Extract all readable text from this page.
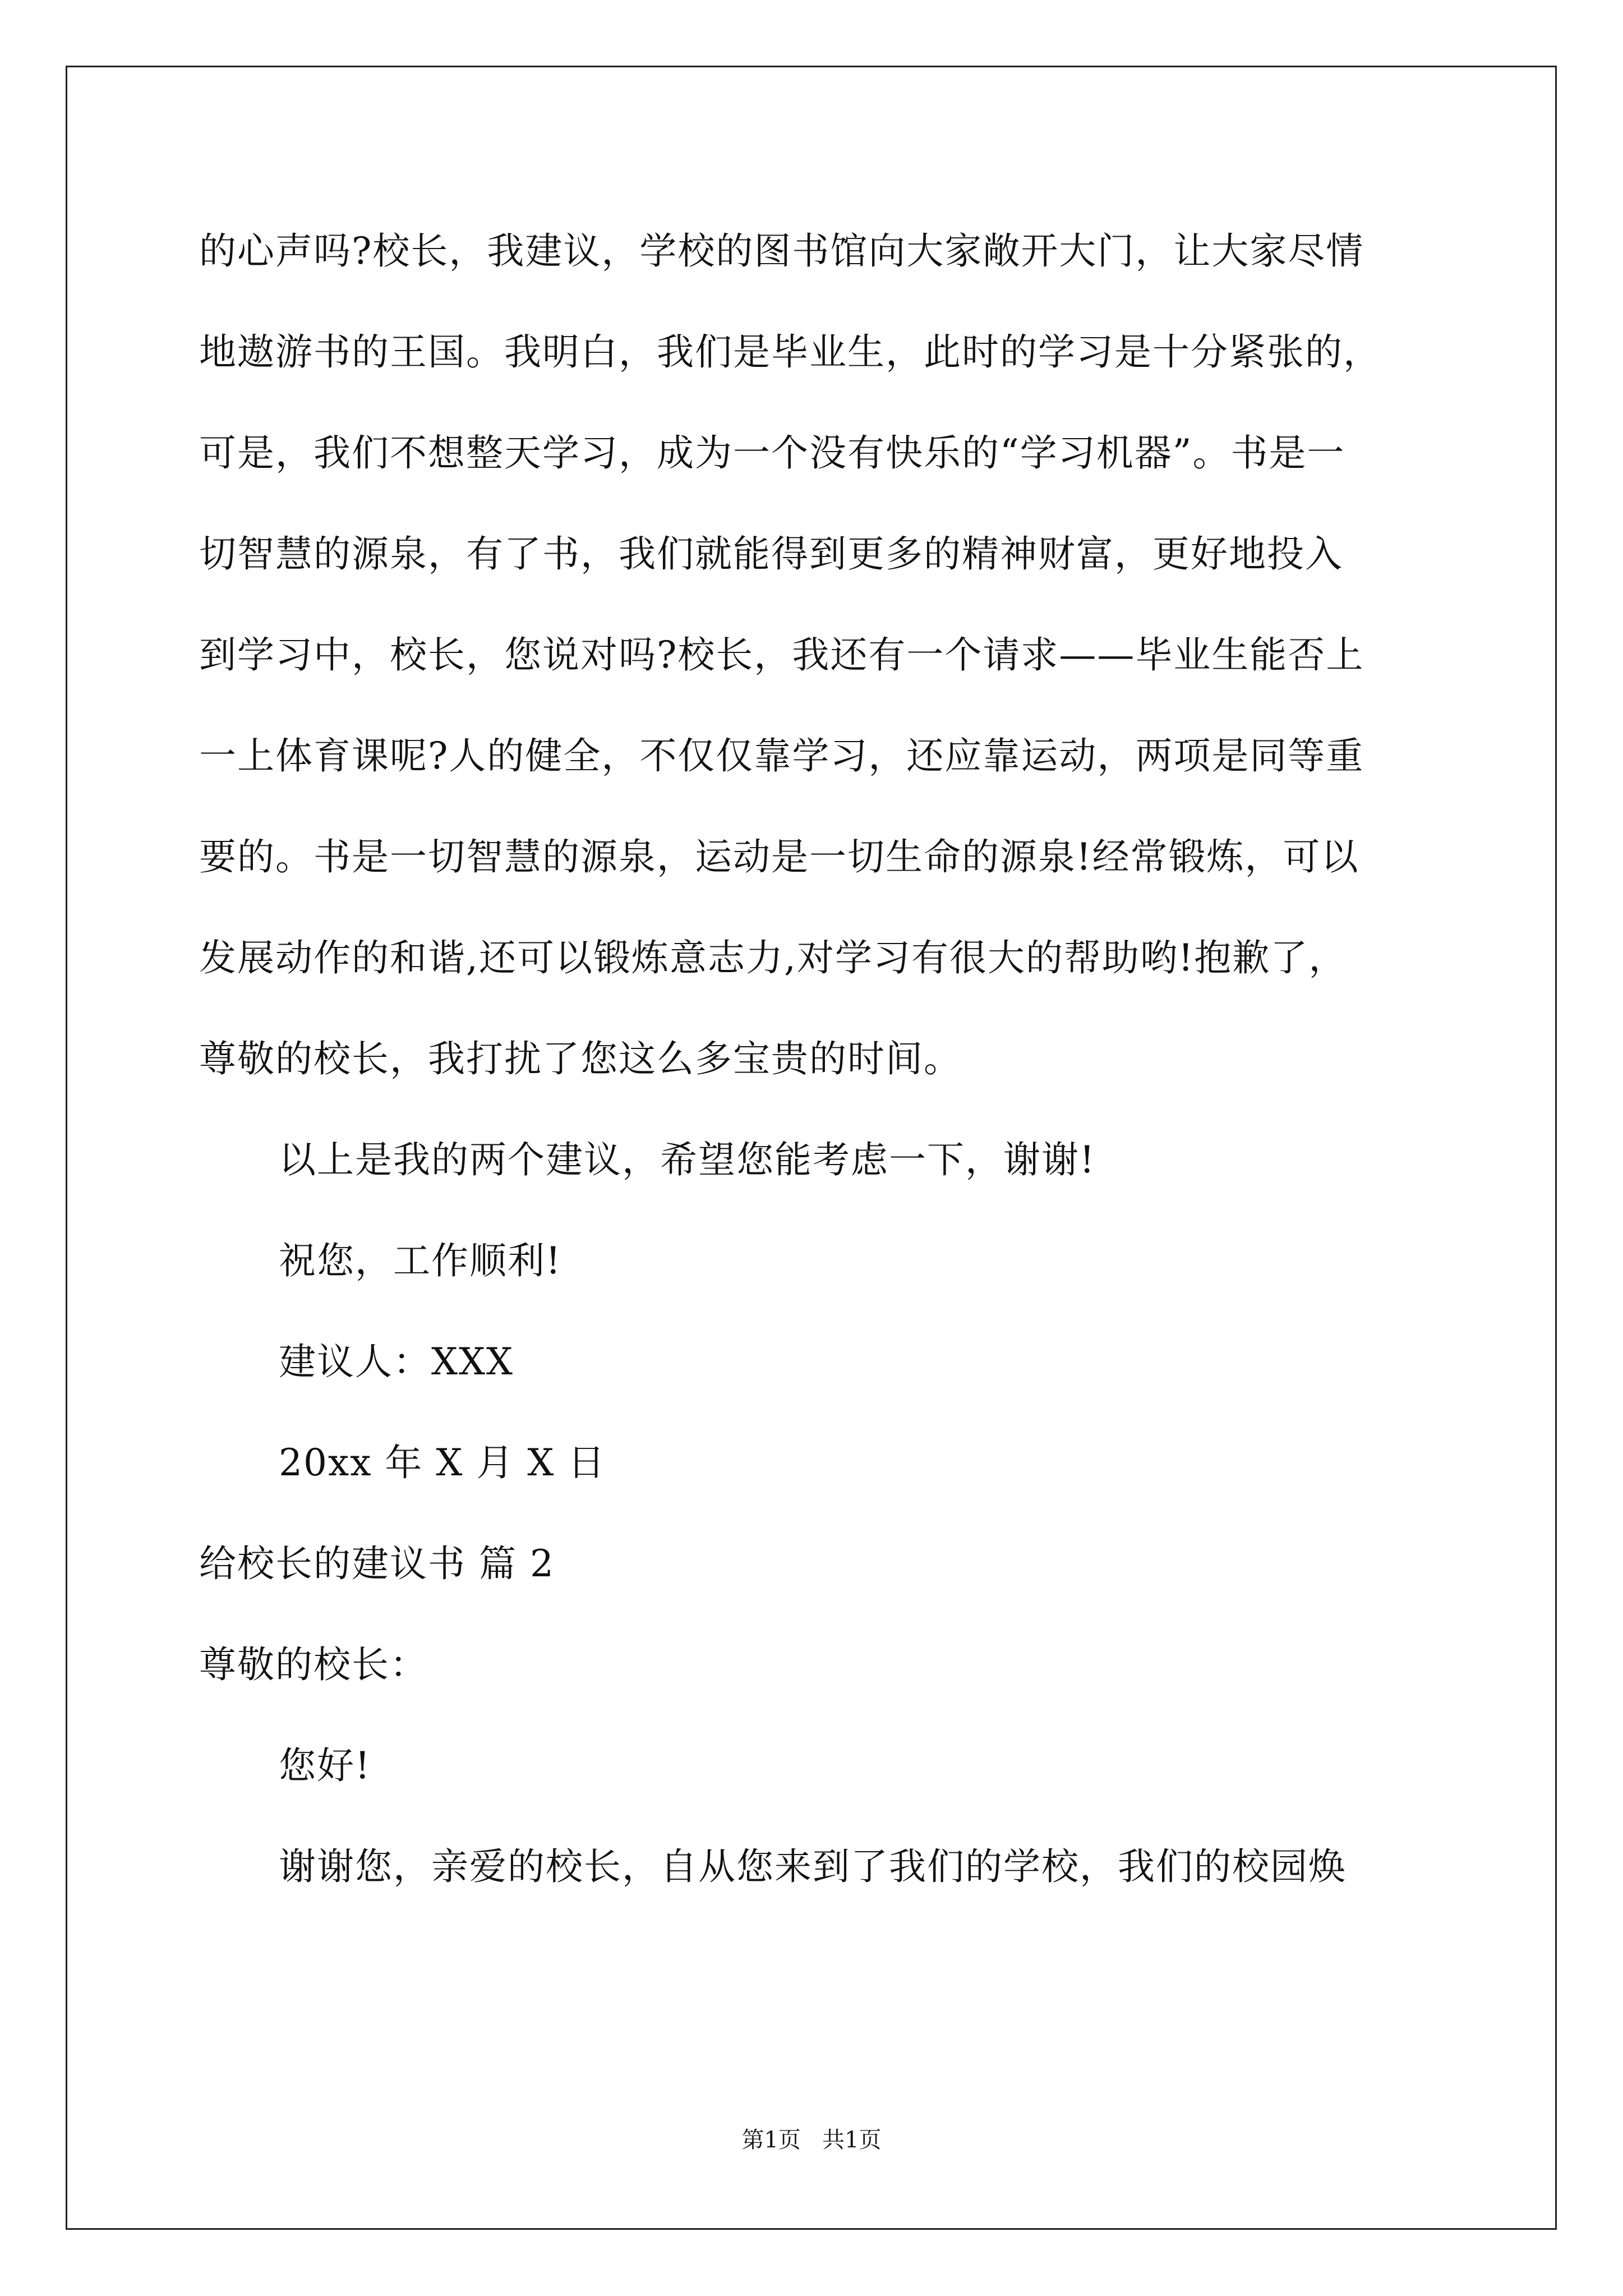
的心声吗?校长，我建议，学校的图书馆向大家敞开大门，让大家尽情
地遨游书的王国。我明白，我们是毕业生，此时的学习是十分紧张的，
可是，我们不想整天学习，成为一个没有快乐的“学习机器”。书是一
切智慧的源泉，有了书，我们就能得到更多的精神财富，更好地投入
到学习中，校长，您说对吗?校长，我还有一个请求——毕业生能否上
一上体育课呢?人的健全，不仅仅靠学习，还应靠运动，两项是同等重
要的。书是一切智慧的源泉，运动是一切生命的源泉!经常锻炼，可以
发展动作的和谐,还可以锻炼意志力,对学习有很大的帮助哟!抱歉了，
尊敬的校长，我打扰了您这么多宝贵的时间。
以上是我的两个建议，希望您能考虑一下，谢谢!
祝您，工作顺利!
建议人：XXX
20xx 年 X 月 X 日
给校长的建议书 篇 2
尊敬的校长：
您好!
谢谢您，亲爱的校长，自从您来到了我们的学校，我们的校园焕
第1页   共1页
